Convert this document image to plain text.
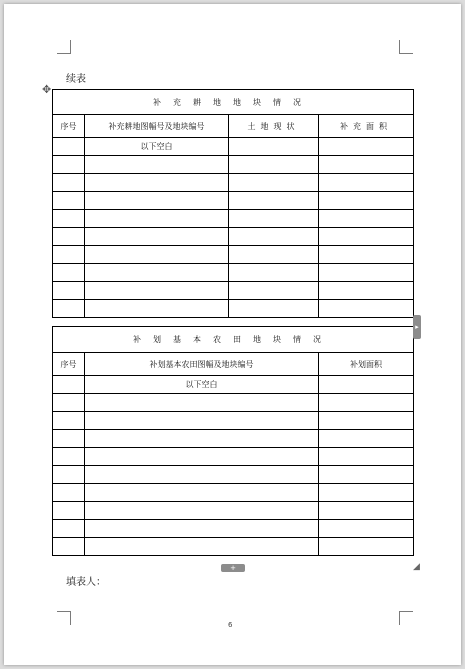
续表
✥
补充耕地地块情况			
序号	补充耕地图幅号及地块编号	土地现状	补充面积
	以下空白		

补划基本农田地块情况		
序号	补划基本农田图幅及地块编号	补划面积
	以下空白	

▸
+	◢
填表人：
6
